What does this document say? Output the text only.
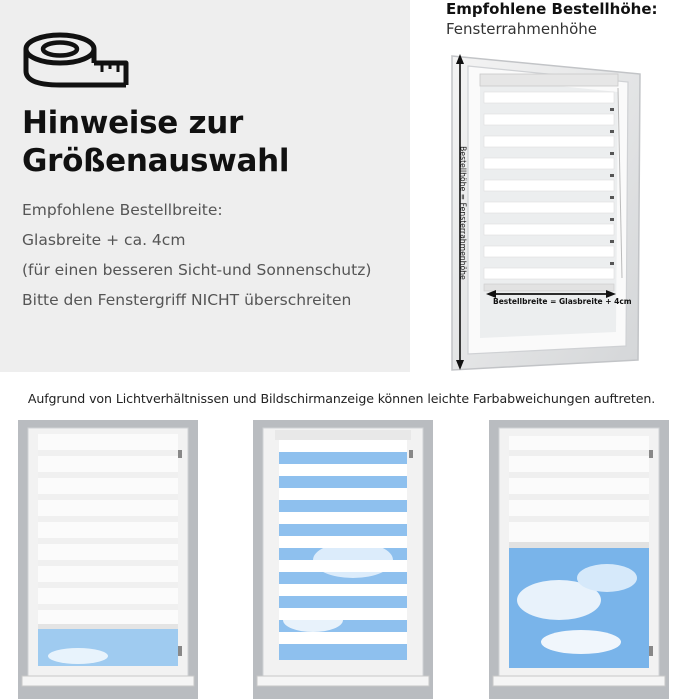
Hinweise zur
Größenauswahl
Empfohlene Bestellbreite:
Glasbreite + ca. 4cm
(für einen besseren Sicht-und Sonnenschutz)
Bitte den Fenstergriff NICHT überschreiten
Empfohlene Bestellhöhe:
Fensterrahmenhöhe
Bestellhöhe = Fensterrahmenhöhe
Bestellbreite = Glasbreite + 4cm
Aufgrund von Lichtverhältnissen und Bildschirmanzeige können leichte Farbabweichungen auftreten.
